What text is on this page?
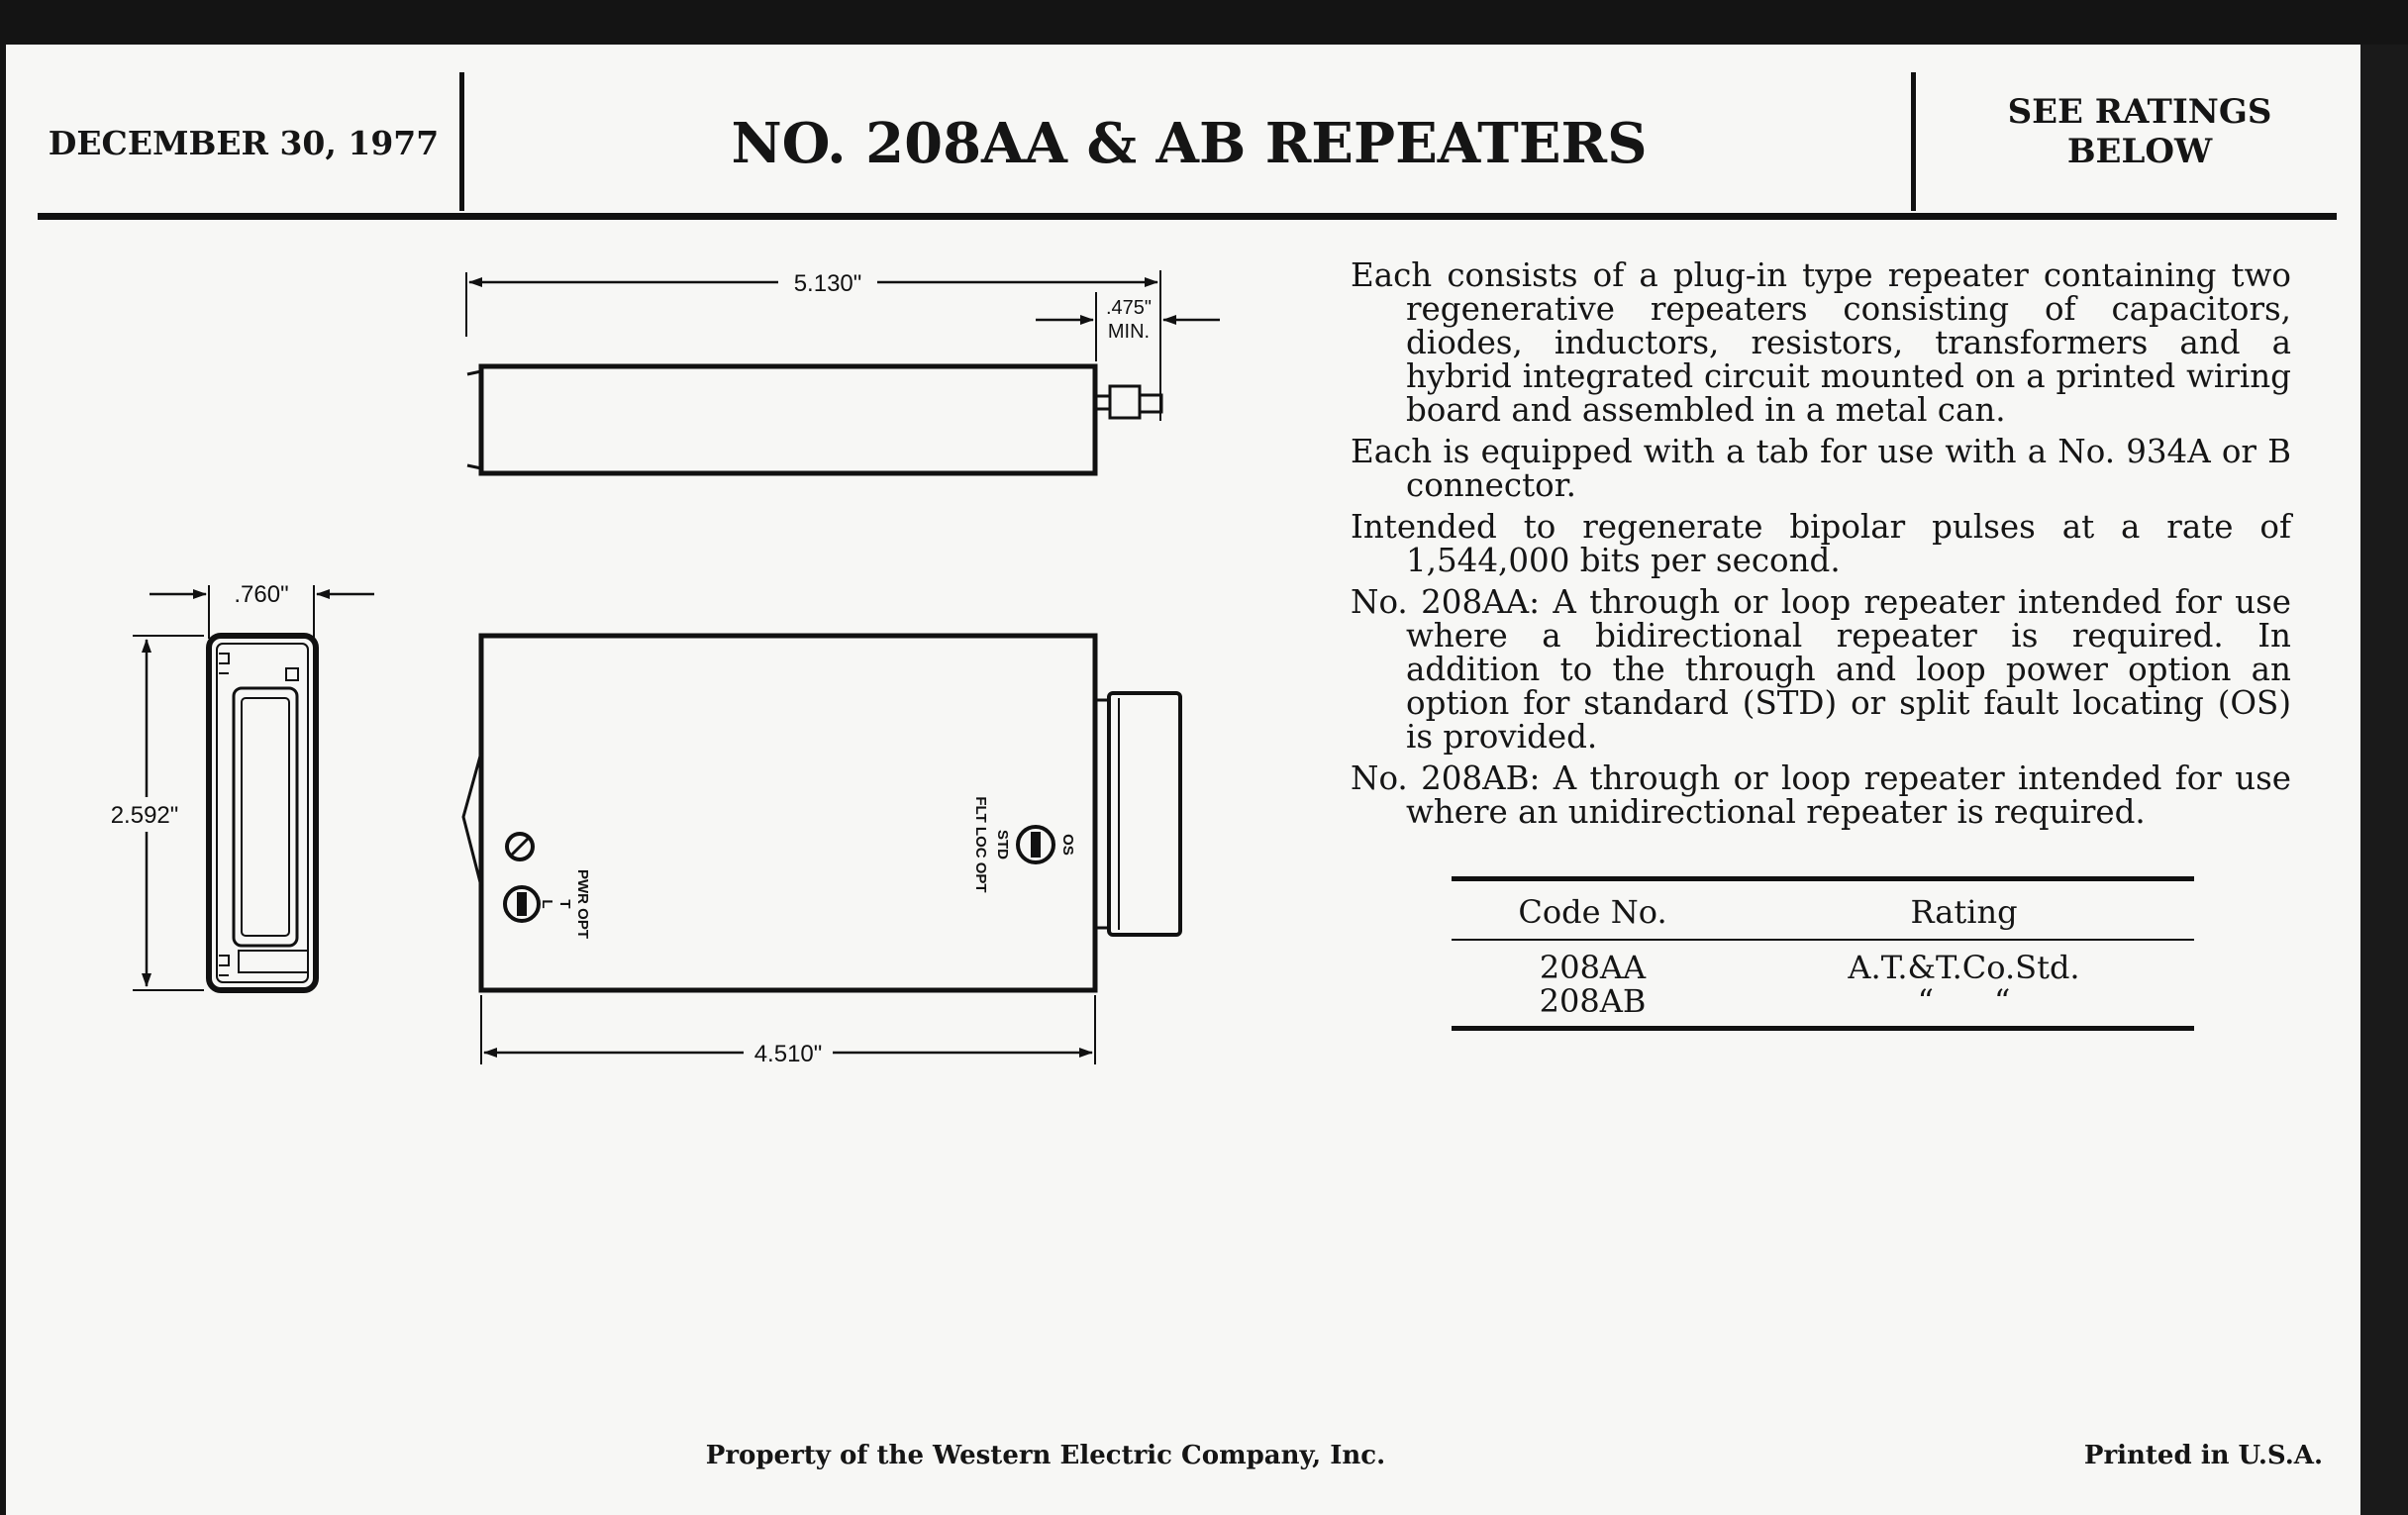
DECEMBER 30, 1977	NO. 208AA & AB REPEATERS	SEE RATINGS
BELOW
5.130"
.475"
MIN.
.760"
2.592"
OS
STD
FLT LOC OPT
PWR OPT
T
L
4.510"

Each consists of a plug-in type repeater containing two regenerative repeaters consisting of capacitors, diodes, inductors, resistors, transformers and a hybrid integrated circuit mounted on a printed wiring board and assembled in a metal can.

Each is equipped with a tab for use with a No. 934A or B connector.

Intended to regenerate bipolar pulses at a rate of 1,544,000 bits per second.

No. 208AA: A through or loop repeater intended for use where a bidirectional repeater is required. In addition to the through and loop power option an option for standard (STD) or split fault locating (OS) is provided.

No. 208AB: A through or loop repeater intended for use where an unidirectional repeater is required.

Code No.	Rating
208AA	A.T.&T.Co.Std.
208AB	“      “
Property of the Western Electric Company, Inc.	Printed in U.S.A.
